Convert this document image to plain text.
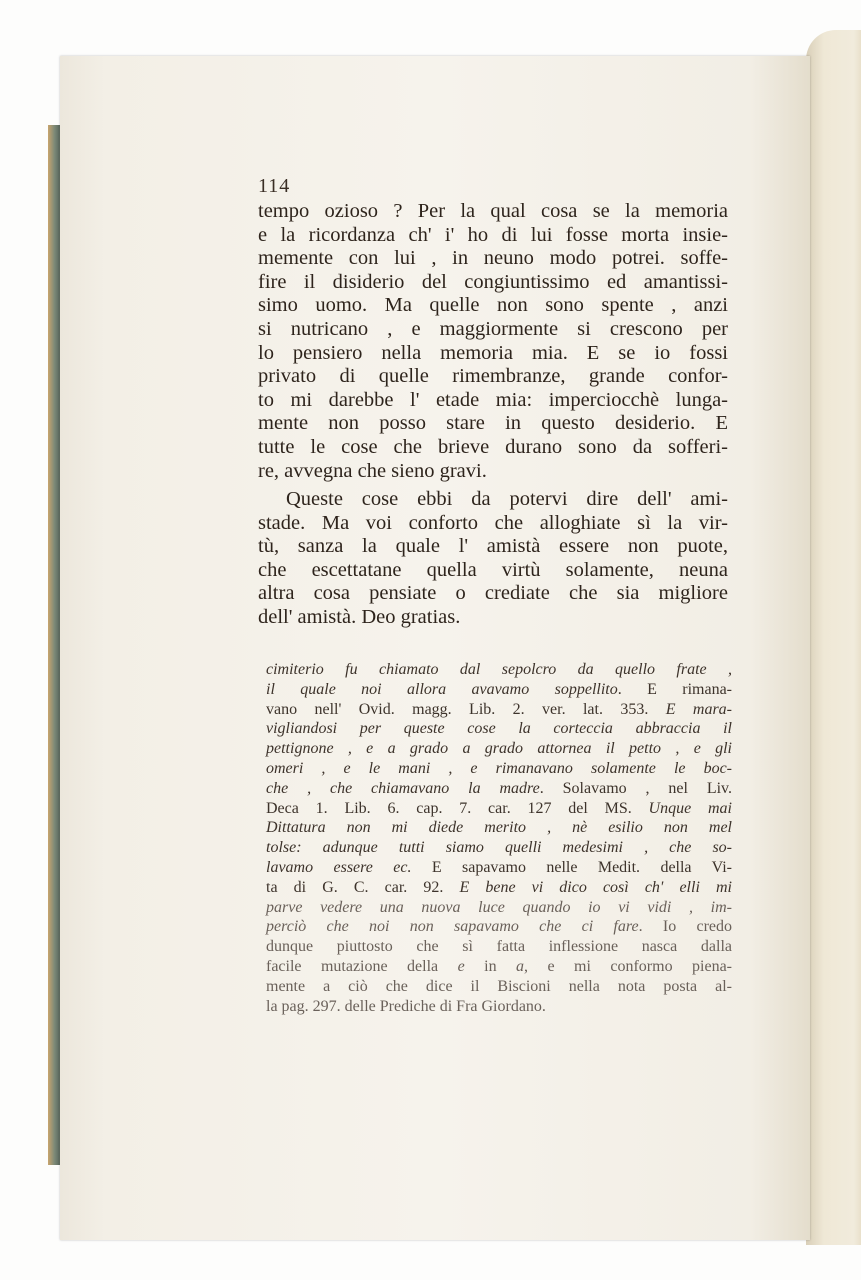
114
tempo ozioso ? Per la qual cosa se la memoria
e la ricordanza ch' i' ho di lui fosse morta insie-
memente con lui , in neuno modo potrei. soffe-
fire il disiderio del congiuntissimo ed amantissi-
simo uomo. Ma quelle non sono spente , anzi
si nutricano , e maggiormente si crescono per
lo pensiero nella memoria mia. E se io fossi
privato di quelle rimembranze, grande confor-
to mi darebbe l' etade mia: imperciocchè lunga-
mente non posso stare in questo desiderio. E
tutte le cose che brieve durano sono da sofferi-
re, avvegna che sieno gravi.
Queste cose ebbi da potervi dire dell' ami-
stade. Ma voi conforto che alloghiate sì la vir-
tù, sanza la quale l' amistà essere non puote,
che escettatane quella virtù solamente, neuna
altra cosa pensiate o crediate che sia migliore
dell' amistà. Deo gratias.
cimiterio fu chiamato dal sepolcro da quello frate ,
il quale noi allora avavamo soppellito. E rimana-
vano nell' Ovid. magg. Lib. 2. ver. lat. 353. E mara-
vigliandosi per queste cose la corteccia abbraccia il
pettignone , e a grado a grado attornea il petto , e gli
omeri , e le mani , e rimanavano solamente le boc-
che , che chiamavano la madre. Solavamo , nel Liv.
Deca 1. Lib. 6. cap. 7. car. 127 del MS. Unque mai
Dittatura non mi diede merito , nè esilio non mel
tolse: adunque tutti siamo quelli medesimi , che so-
lavamo essere ec. E sapavamo nelle Medit. della Vi-
ta di G. C. car. 92. E bene vi dico così ch' elli mi
parve vedere una nuova luce quando io vi vidi , im-
perciò che noi non sapavamo che ci fare. Io credo
dunque piuttosto che sì fatta inflessione nasca dalla
facile mutazione della e in a, e mi conformo piena-
mente a ciò che dice il Biscioni nella nota posta al-
la pag. 297. delle Prediche di Fra Giordano.
